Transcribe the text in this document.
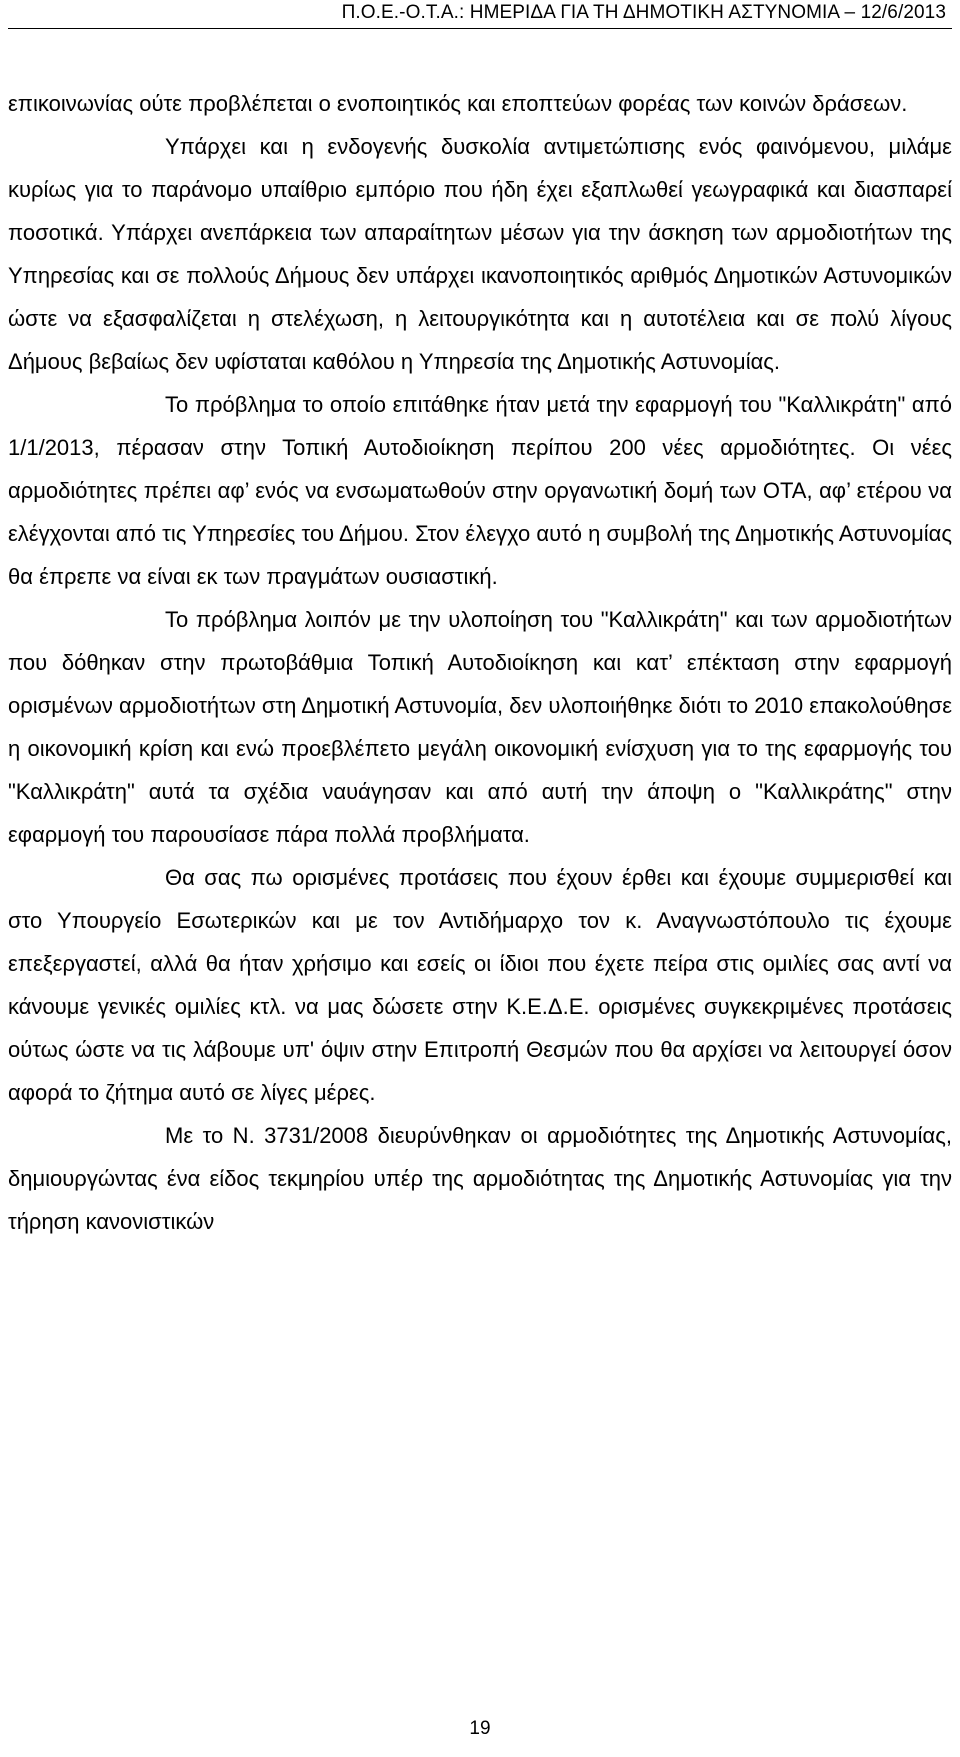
Π.Ο.Ε.-Ο.Τ.Α.: ΗΜΕΡΙΔΑ ΓΙΑ ΤΗ ΔΗΜΟΤΙΚΗ ΑΣΤΥΝΟΜΙΑ – 12/6/2013

επικοινωνίας ούτε προβλέπεται ο ενοποιητικός και εποπτεύων φορέας των κοινών δράσεων.

Υπάρχει και η ενδογενής δυσκολία αντιμετώπισης ενός φαινόμενου, μιλάμε κυρίως για το παράνομο υπαίθριο εμπόριο που ήδη έχει εξαπλωθεί γεωγραφικά και διασπαρεί ποσοτικά. Υπάρχει ανεπάρκεια των απαραίτητων μέσων για την άσκηση των αρμοδιοτήτων της Υπηρεσίας και σε πολλούς Δήμους δεν υπάρχει ικανοποιητικός αριθμός Δημοτικών Αστυνομικών ώστε να εξασφαλίζεται η στελέχωση, η λειτουργικότητα και η αυτοτέλεια και σε πολύ λίγους Δήμους βεβαίως δεν υφίσταται καθόλου η Υπηρεσία της Δημοτικής Αστυνομίας.

Το πρόβλημα το οποίο επιτάθηκε ήταν μετά την εφαρμογή του "Καλλικράτη" από 1/1/2013, πέρασαν στην Τοπική Αυτοδιοίκηση περίπου 200 νέες αρμοδιότητες. Οι νέες αρμοδιότητες πρέπει αφ’ ενός να ενσωματωθούν στην οργανωτική δομή των ΟΤΑ, αφ’ ετέρου να ελέγχονται από τις Υπηρεσίες του Δήμου. Στον έλεγχο αυτό η συμβολή της Δημοτικής Αστυνομίας θα έπρεπε να είναι εκ των πραγμάτων ουσιαστική.

Το πρόβλημα λοιπόν με την υλοποίηση του "Καλλικράτη" και των αρμοδιοτήτων που δόθηκαν στην πρωτοβάθμια Τοπική Αυτοδιοίκηση και κατ’ επέκταση στην εφαρμογή ορισμένων αρμοδιοτήτων στη Δημοτική Αστυνομία, δεν υλοποιήθηκε διότι το 2010 επακολούθησε η οικονομική κρίση και ενώ προεβλέπετο μεγάλη οικονομική ενίσχυση για το της εφαρμογής του "Καλλικράτη" αυτά τα σχέδια ναυάγησαν και από αυτή την άποψη ο "Καλλικράτης" στην εφαρμογή του παρουσίασε πάρα πολλά προβλήματα.

Θα σας πω ορισμένες προτάσεις που έχουν έρθει και έχουμε συμμερισθεί και στο Υπουργείο Εσωτερικών και με τον Αντιδήμαρχο τον κ. Αναγνωστόπουλο τις έχουμε επεξεργαστεί, αλλά θα ήταν χρήσιμο και εσείς οι ίδιοι που έχετε πείρα στις ομιλίες σας αντί να κάνουμε γενικές ομιλίες κτλ. να μας δώσετε στην Κ.Ε.Δ.Ε. ορισμένες συγκεκριμένες προτάσεις ούτως ώστε να τις λάβουμε υπ' όψιν στην Επιτροπή Θεσμών που θα αρχίσει να λειτουργεί όσον αφορά το ζήτημα αυτό σε λίγες μέρες.

Με το Ν. 3731/2008 διευρύνθηκαν οι αρμοδιότητες της Δημοτικής Αστυνομίας, δημιουργώντας ένα είδος τεκμηρίου υπέρ της αρμοδιότητας της Δημοτικής Αστυνομίας για την τήρηση κανονιστικών

19
